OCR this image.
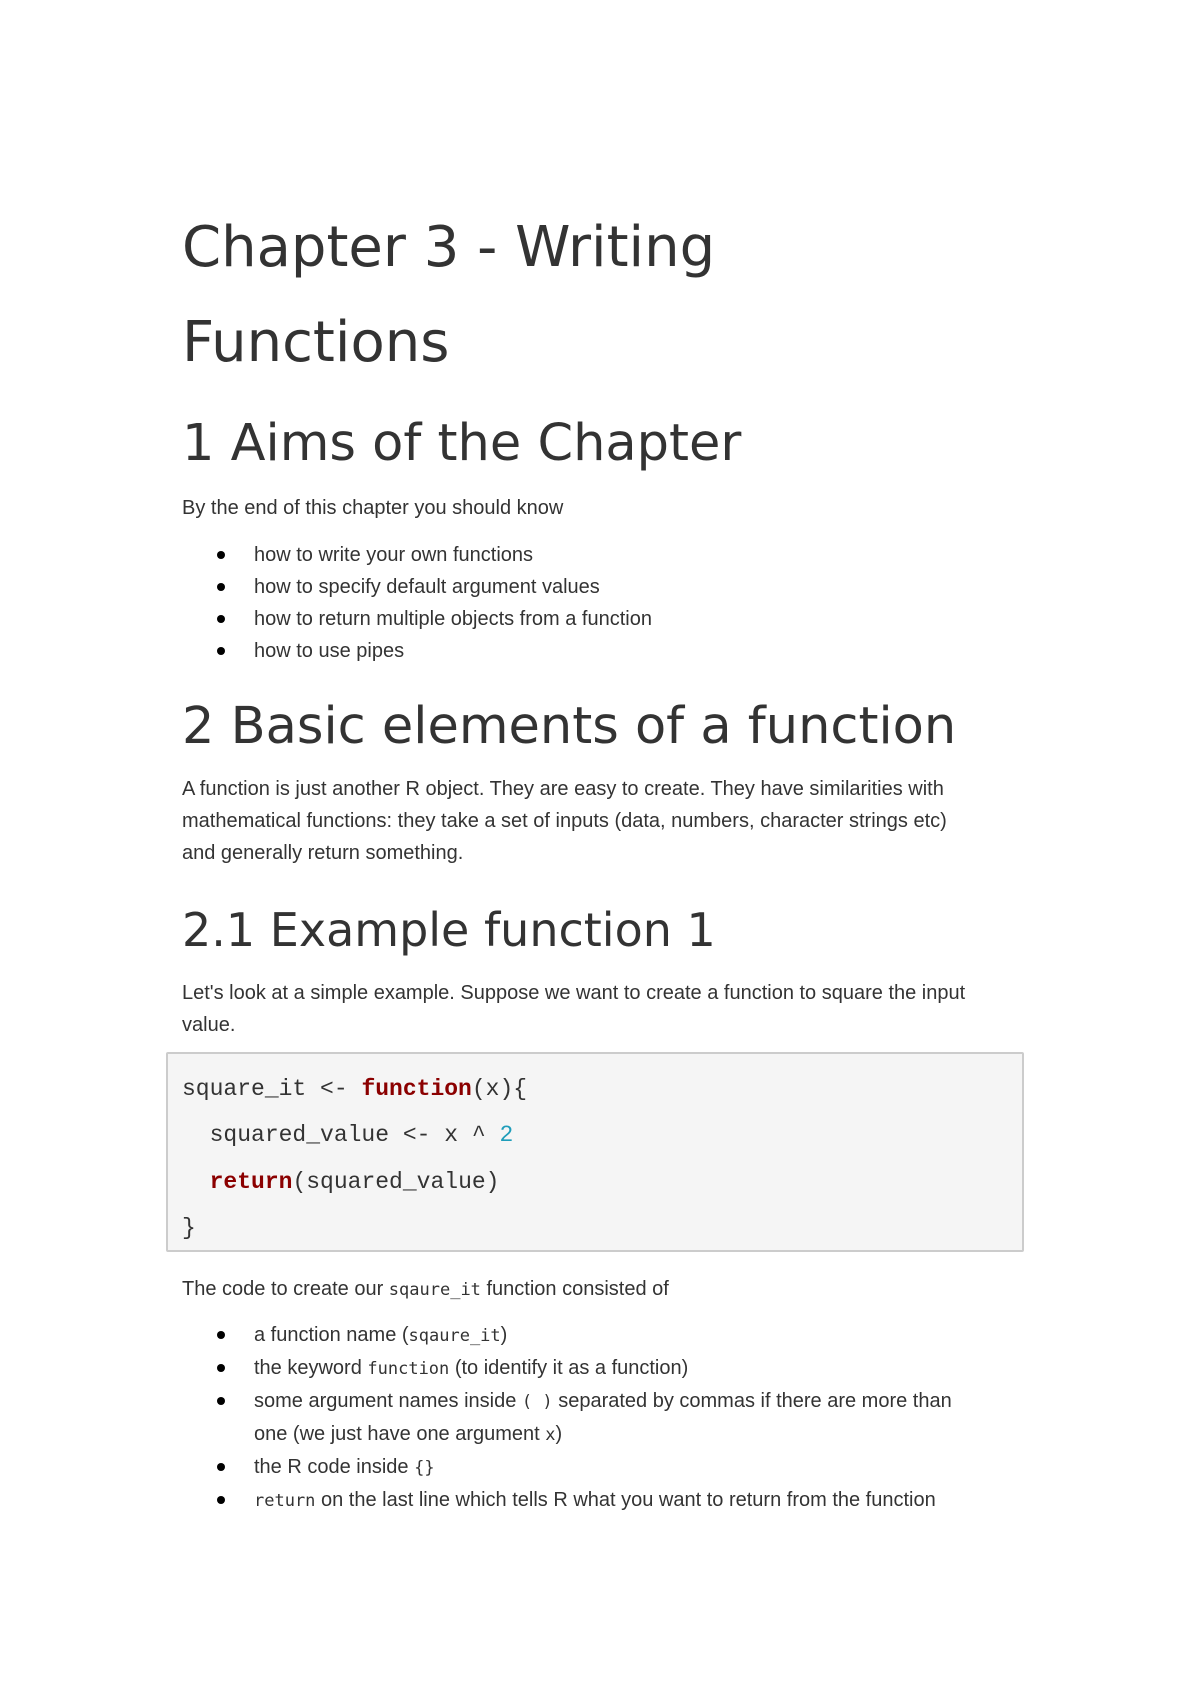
Chapter 3 - Writing
Functions
1 Aims of the Chapter

By the end of this chapter you should know

how to write your own functions
how to specify default argument values
how to return multiple objects from a function
how to use pipes
2 Basic elements of a function

A function is just another R object. They are easy to create. They have similarities with
mathematical functions: they take a set of inputs (data, numbers, character strings etc)
and generally return something.

2.1 Example function 1

Let's look at a simple example. Suppose we want to create a function to square the input
value.

square_it <- function(x){
squared_value <- x ^ 2
return(squared_value)
}

The code to create our sqaure_it function consisted of

a function name (sqaure_it)
the keyword function (to identify it as a function)
some argument names inside ( ) separated by commas if there are more than
one (we just have one argument x)
the R code inside {}
return on the last line which tells R what you want to return from the function
